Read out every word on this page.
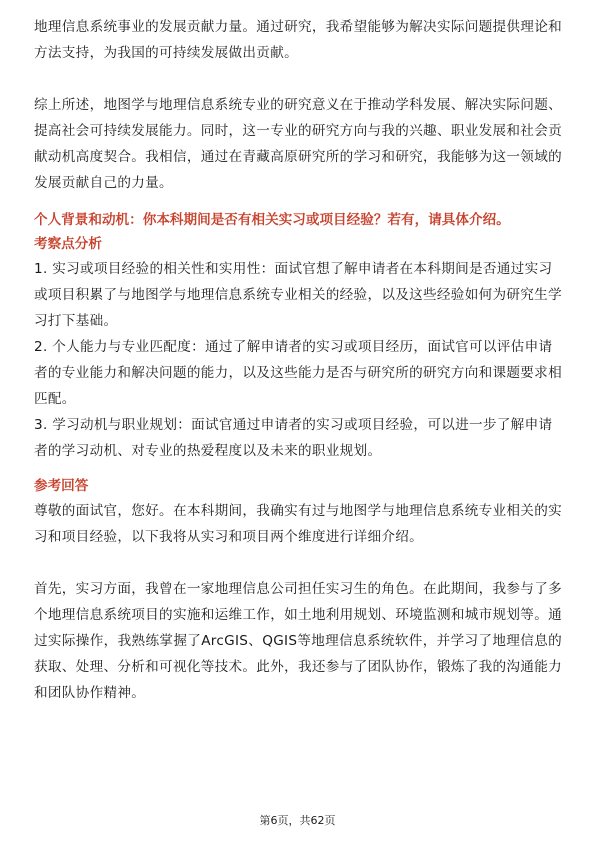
地理信息系统事业的发展贡献力量。通过研究，我希望能够为解决实际问题提供理论和方法支持，为我国的可持续发展做出贡献。

综上所述，地图学与地理信息系统专业的研究意义在于推动学科发展、解决实际问题、提高社会可持续发展能力。同时，这一专业的研究方向与我的兴趣、职业发展和社会贡献动机高度契合。我相信，通过在青藏高原研究所的学习和研究，我能够为这一领域的发展贡献自己的力量。

个人背景和动机：你本科期间是否有相关实习或项目经验？若有，请具体介绍。

考察点分析

1. 实习或项目经验的相关性和实用性：面试官想了解申请者在本科期间是否通过实习或项目积累了与地图学与地理信息系统专业相关的经验，以及这些经验如何为研究生学习打下基础。

2. 个人能力与专业匹配度：通过了解申请者的实习或项目经历，面试官可以评估申请者的专业能力和解决问题的能力，以及这些能力是否与研究所的研究方向和课题要求相匹配。

3. 学习动机与职业规划：面试官通过申请者的实习或项目经验，可以进一步了解申请者的学习动机、对专业的热爱程度以及未来的职业规划。

参考回答

尊敬的面试官，您好。在本科期间，我确实有过与地图学与地理信息系统专业相关的实习和项目经验，以下我将从实习和项目两个维度进行详细介绍。

首先，实习方面，我曾在一家地理信息公司担任实习生的角色。在此期间，我参与了多个地理信息系统项目的实施和运维工作，如土地利用规划、环境监测和城市规划等。通过实际操作，我熟练掌握了ArcGIS、QGIS等地理信息系统软件，并学习了地理信息的获取、处理、分析和可视化等技术。此外，我还参与了团队协作，锻炼了我的沟通能力和团队协作精神。

第6页，共62页
